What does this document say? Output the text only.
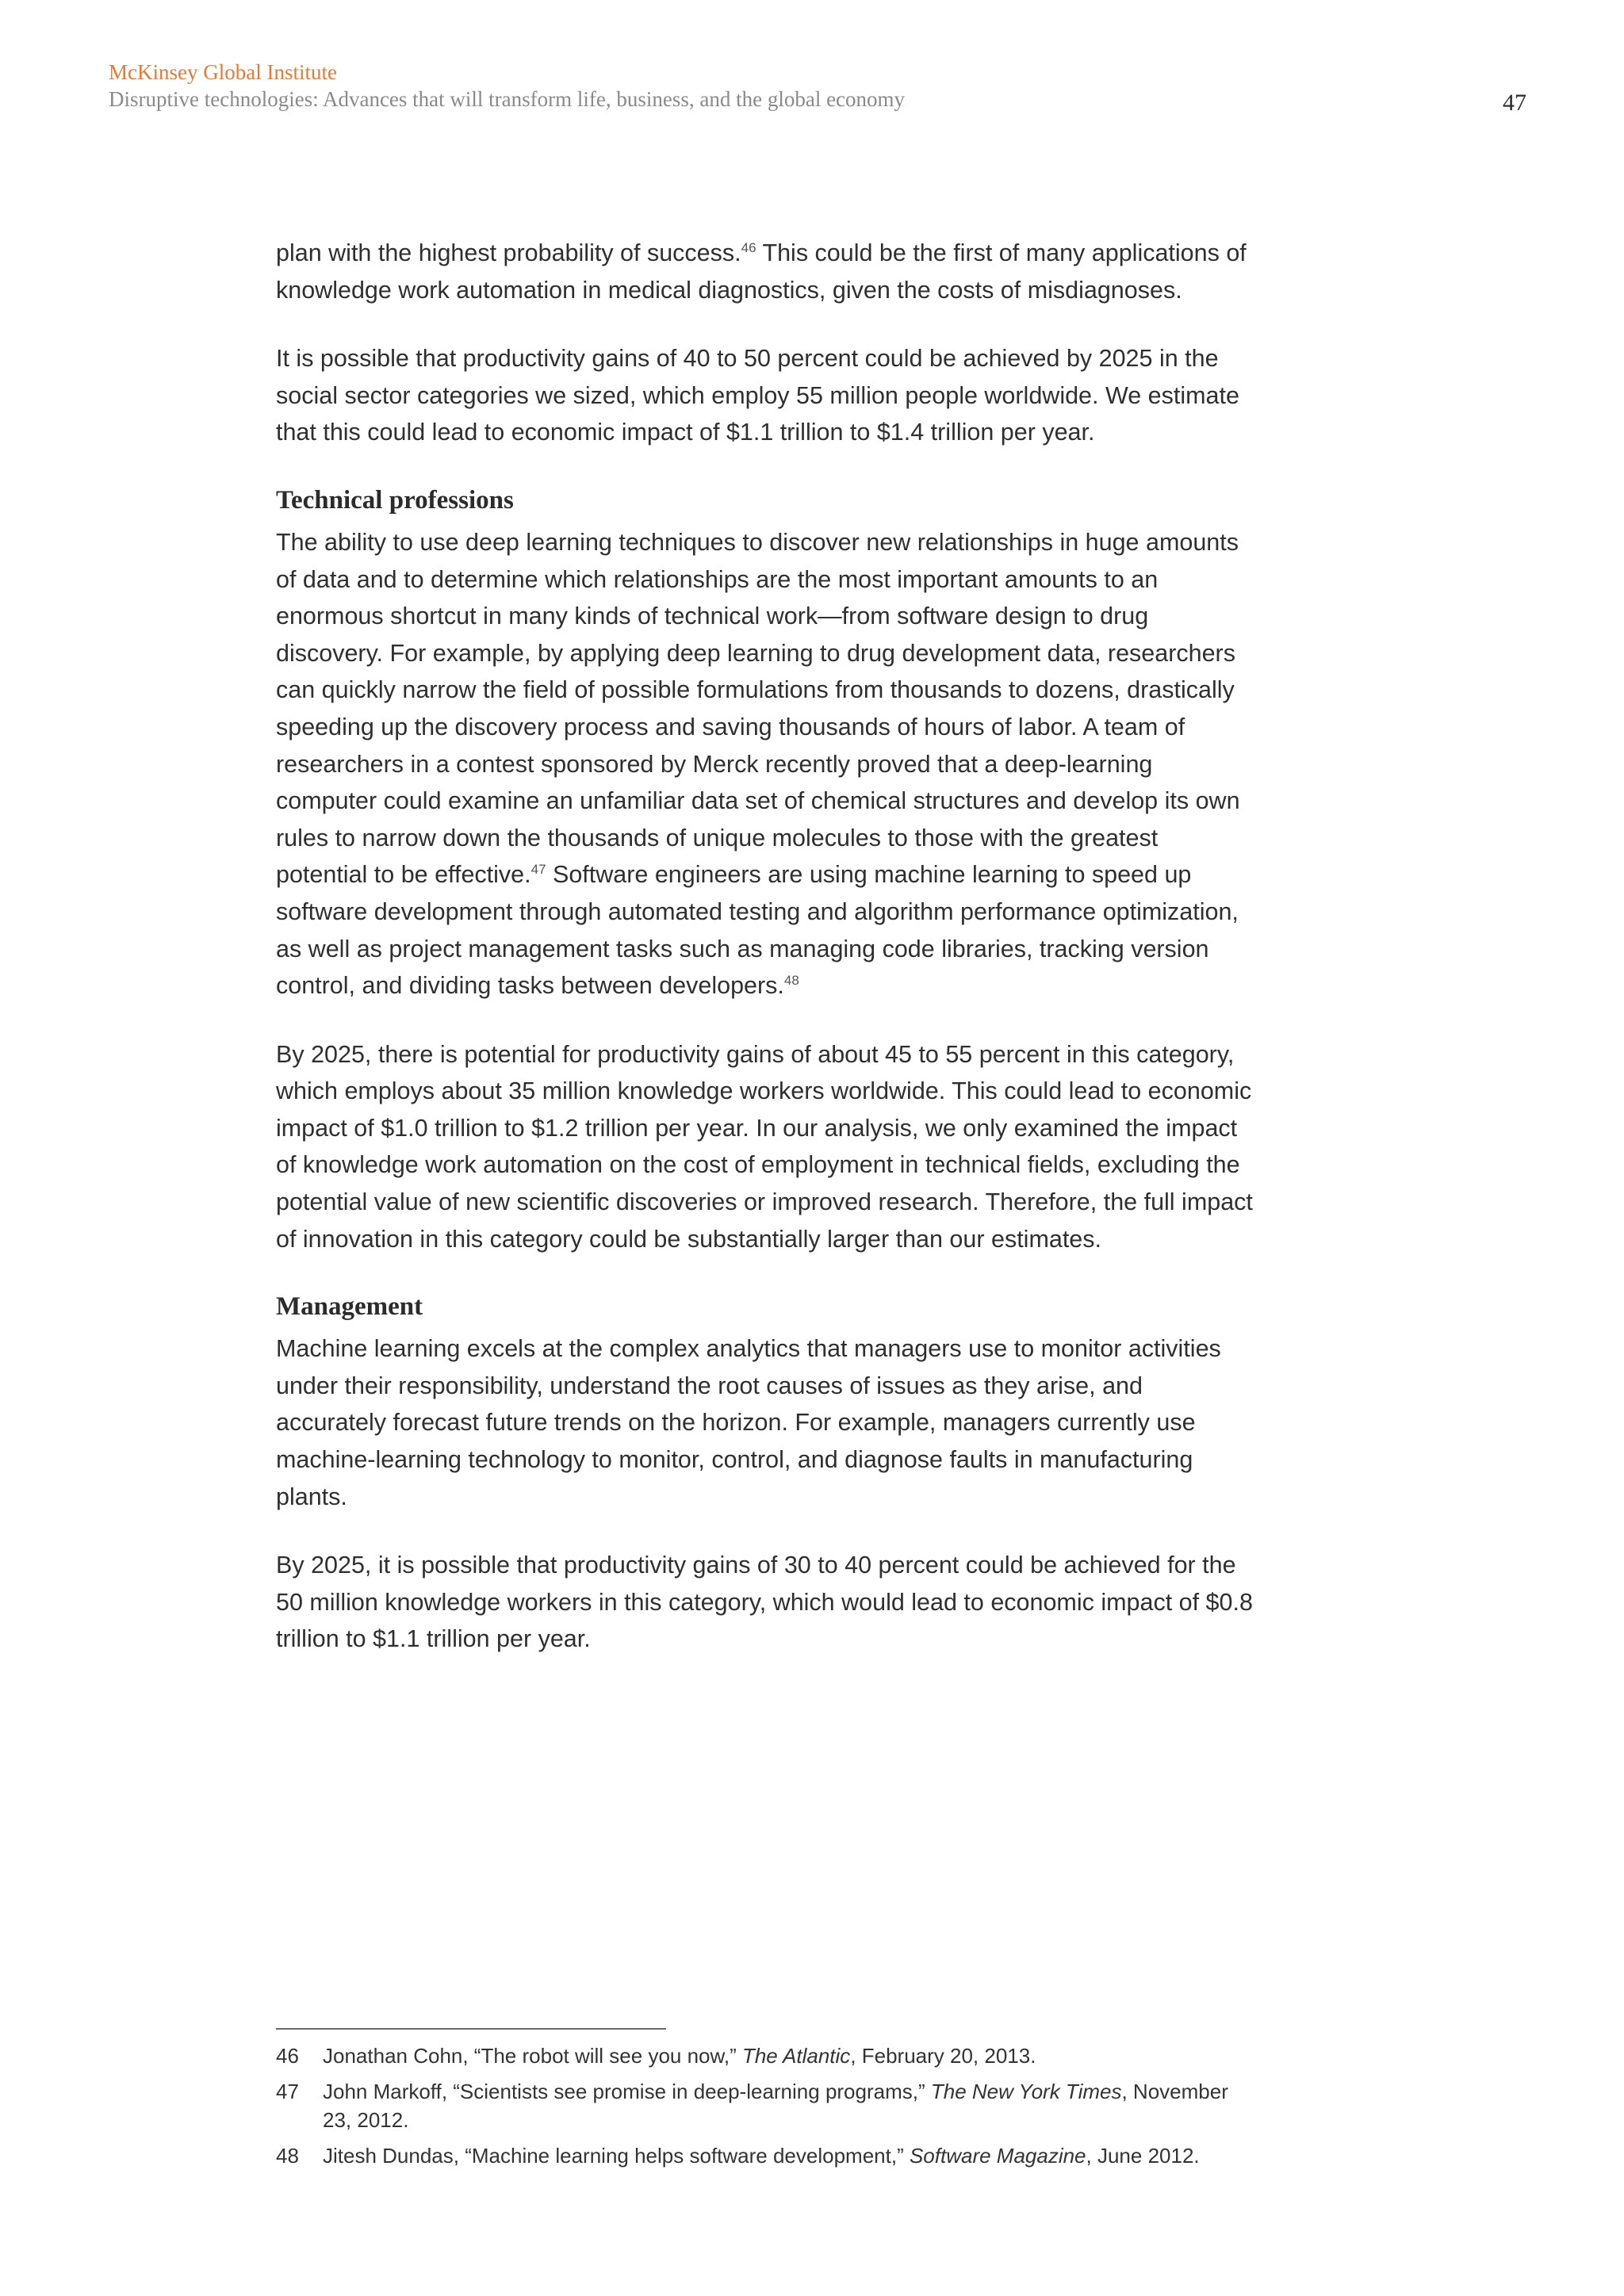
McKinsey Global Institute
Disruptive technologies: Advances that will transform life, business, and the global economy	47

plan with the highest probability of success.$^{46}$ This could be the first of many applications of knowledge work automation in medical diagnostics, given the costs of misdiagnoses.

It is possible that productivity gains of 40 to 50 percent could be achieved by 2025 in the social sector categories we sized, which employ 55 million people worldwide. We estimate that this could lead to economic impact of $1.1 trillion to $1.4 trillion per year.

Technical professions

The ability to use deep learning techniques to discover new relationships in huge amounts of data and to determine which relationships are the most important amounts to an enormous shortcut in many kinds of technical work—from software design to drug discovery. For example, by applying deep learning to drug development data, researchers can quickly narrow the field of possible formulations from thousands to dozens, drastically speeding up the discovery process and saving thousands of hours of labor. A team of researchers in a contest sponsored by Merck recently proved that a deep-learning computer could examine an unfamiliar data set of chemical structures and develop its own rules to narrow down the thousands of unique molecules to those with the greatest potential to be effective.$^{47}$ Software engineers are using machine learning to speed up software development through automated testing and algorithm performance optimization, as well as project management tasks such as managing code libraries, tracking version control, and dividing tasks between developers.$^{48}$

By 2025, there is potential for productivity gains of about 45 to 55 percent in this category, which employs about 35 million knowledge workers worldwide. This could lead to economic impact of $1.0 trillion to $1.2 trillion per year. In our analysis, we only examined the impact of knowledge work automation on the cost of employment in technical fields, excluding the potential value of new scientific discoveries or improved research. Therefore, the full impact of innovation in this category could be substantially larger than our estimates.

Management

Machine learning excels at the complex analytics that managers use to monitor activities under their responsibility, understand the root causes of issues as they arise, and accurately forecast future trends on the horizon. For example, managers currently use machine-learning technology to monitor, control, and diagnose faults in manufacturing plants.

By 2025, it is possible that productivity gains of 30 to 40 percent could be achieved for the 50 million knowledge workers in this category, which would lead to economic impact of $0.8 trillion to $1.1 trillion per year.

46	Jonathan Cohn, “The robot will see you now,” The Atlantic, February 20, 2013.
47	John Markoff, “Scientists see promise in deep-learning programs,” The New York Times, November 23, 2012.
48	Jitesh Dundas, “Machine learning helps software development,” Software Magazine, June 2012.
